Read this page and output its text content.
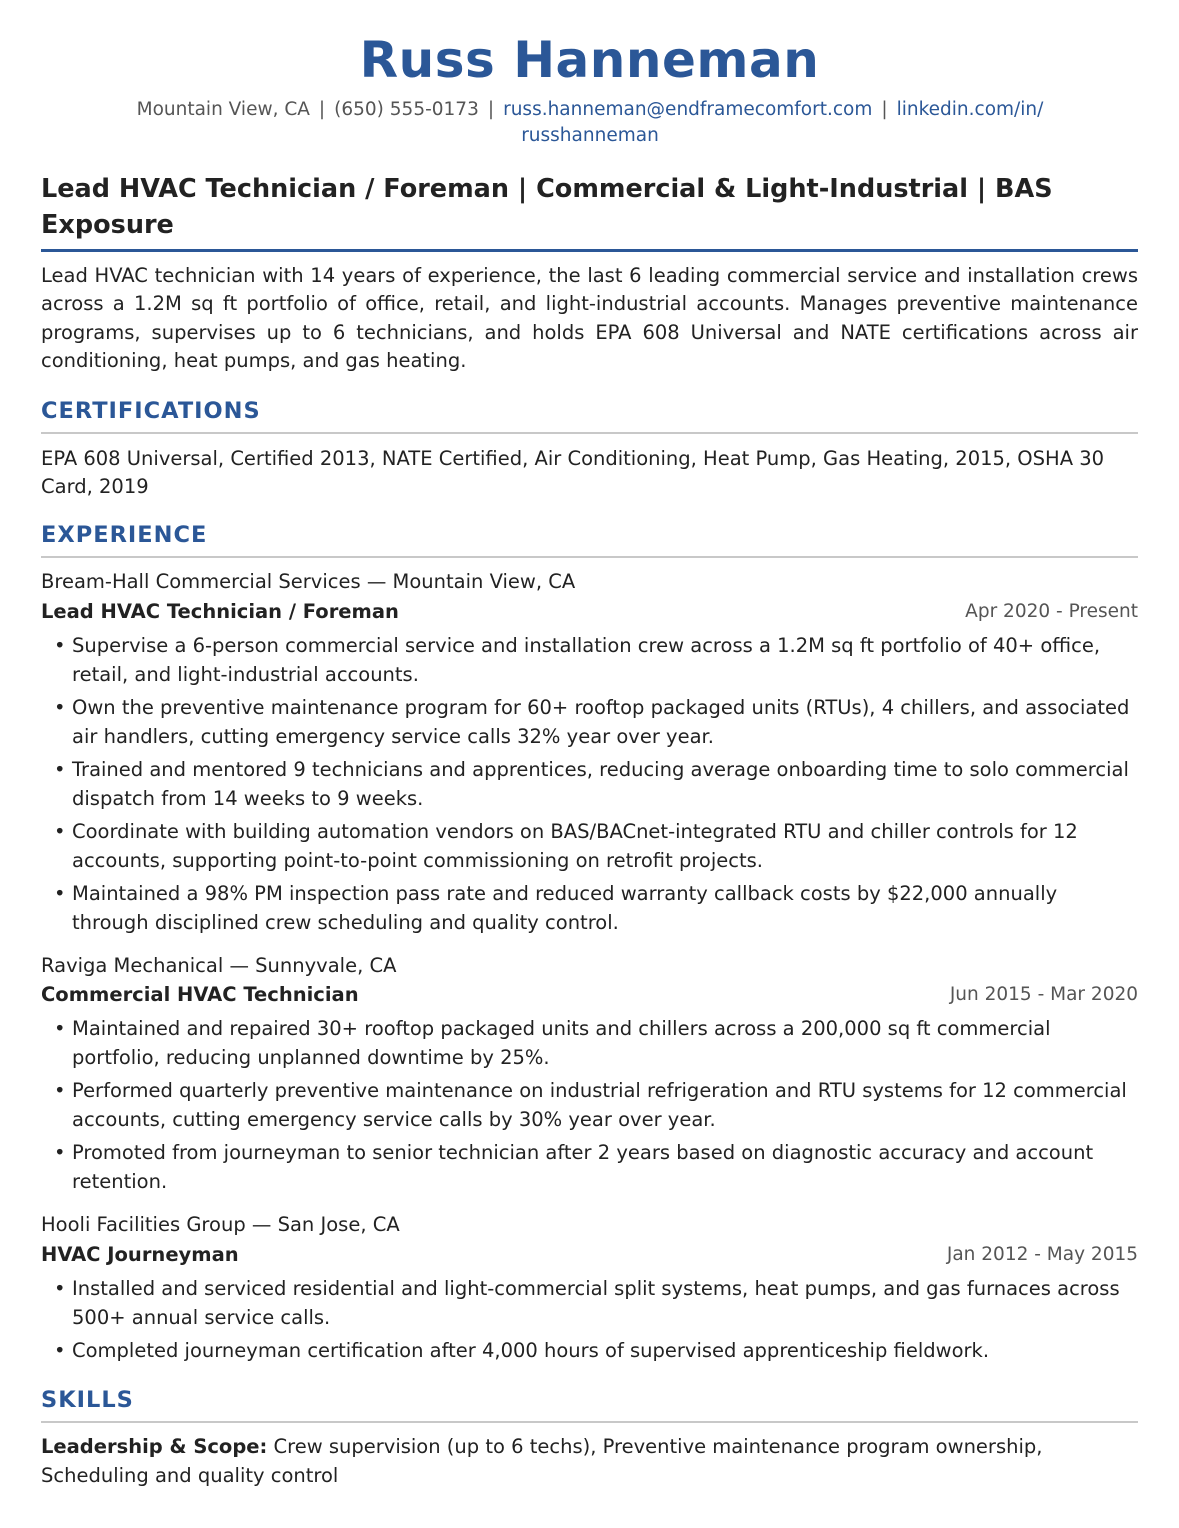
Russ Hanneman
Mountain View, CA | (650) 555-0173 | russ.hanneman@endframecomfort.com | linkedin.com/in/
russhanneman
Lead HVAC Technician / Foreman | Commercial & Light-Industrial | BAS Exposure
Lead HVAC technician with 14 years of experience, the last 6 leading commercial service and installation crews across a 1.2M sq ft portfolio of office, retail, and light-industrial accounts. Manages preventive maintenance programs, supervises up to 6 technicians, and holds EPA 608 Universal and NATE certifications across air conditioning, heat pumps, and gas heating.
CERTIFICATIONS
EPA 608 Universal, Certified 2013, NATE Certified, Air Conditioning, Heat Pump, Gas Heating, 2015, OSHA 30 Card, 2019
EXPERIENCE
Bream-Hall Commercial Services — Mountain View, CA
Lead HVAC Technician / Foreman	Apr 2020 - Present
• Supervise a 6-person commercial service and installation crew across a 1.2M sq ft portfolio of 40+ office, retail, and light-industrial accounts.
• Own the preventive maintenance program for 60+ rooftop packaged units (RTUs), 4 chillers, and associated air handlers, cutting emergency service calls 32% year over year.
• Trained and mentored 9 technicians and apprentices, reducing average onboarding time to solo commercial dispatch from 14 weeks to 9 weeks.
• Coordinate with building automation vendors on BAS/BACnet-integrated RTU and chiller controls for 12 accounts, supporting point-to-point commissioning on retrofit projects.
• Maintained a 98% PM inspection pass rate and reduced warranty callback costs by $22,000 annually through disciplined crew scheduling and quality control.
Raviga Mechanical — Sunnyvale, CA
Commercial HVAC Technician	Jun 2015 - Mar 2020
• Maintained and repaired 30+ rooftop packaged units and chillers across a 200,000 sq ft commercial portfolio, reducing unplanned downtime by 25%.
• Performed quarterly preventive maintenance on industrial refrigeration and RTU systems for 12 commercial accounts, cutting emergency service calls by 30% year over year.
• Promoted from journeyman to senior technician after 2 years based on diagnostic accuracy and account retention.
Hooli Facilities Group — San Jose, CA
HVAC Journeyman	Jan 2012 - May 2015
• Installed and serviced residential and light-commercial split systems, heat pumps, and gas furnaces across 500+ annual service calls.
• Completed journeyman certification after 4,000 hours of supervised apprenticeship fieldwork.
SKILLS
Leadership & Scope: Crew supervision (up to 6 techs), Preventive maintenance program ownership, Scheduling and quality control
